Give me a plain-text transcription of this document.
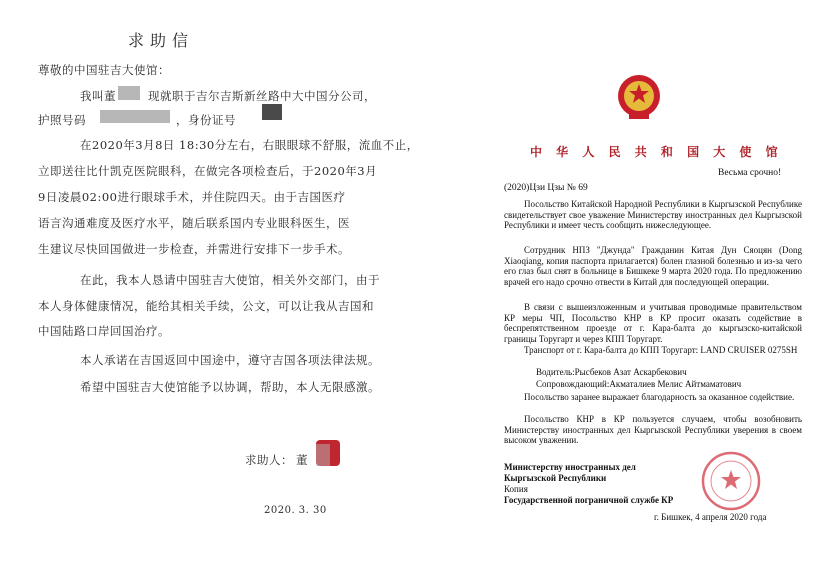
求助信
尊敬的中国驻吉大使馆：
我叫董	现就职于吉尔吉斯新丝路中大中国分公司，
护照号码	，身份证号
在2020年3月8日 18:30分左右，右眼眼球不舒服，流血不止，
立即送往比什凯克医院眼科，在做完各项检查后，于2020年3月
9日凌晨02:00进行眼球手术，并住院四天。由于吉国医疗
语言沟通难度及医疗水平，随后联系国内专业眼科医生，医
生建议尽快回国做进一步检查，并需进行安排下一步手术。
在此，我本人恳请中国驻吉大使馆，相关外交部门，由于
本人身体健康情况，能给其相关手续，公文，可以让我从吉国和
中国陆路口岸回国治疗。
本人承诺在吉国返回中国途中，遵守吉国各项法律法规。
希望中国驻吉大使馆能予以协调，帮助，本人无限感激。
求助人： 董
2020. 3. 30
中 华 人 民 共 和 国 大 使 馆
Весьма срочно!
(2020)Цзи Цзы № 69

Посольство Китайской Народной Республики в Кыргызской Республике свидетельствует свое уважение Министерству иностранных дел Кыргызской Республики и имеет честь сообщить нижеследующее.

Сотрудник НПЗ "Джунда" Гражданин Китая Дун Сяоцян (Dong Xiaoqiang, копия паспорта прилагается) болен глазной болезнью и из-за чего его глаз был снят в больнице в Бишкеке 9 марта 2020 года. По предложению врачей его надо срочно отвести в Китай для последующей операции.

В связи с вышеизложенным и учитывая проводимые правительством КР меры ЧП, Посольство КНР в КР просит оказать содействие в беспрепятственном проезде от г. Кара-балта до кыргызско-китайской границы Торугарт и через КПП Торугарт.

Транспорт от г. Кара-балта до КПП Торугарт: LAND CRUISER 0275SH

Водитель:Рысбеков Азат Аскарбекович
Сопровождающий:Акматалиев Мелис Айтмаматович

Посольство заранее выражает благодарность за оказанное содействие.

Посольство КНР в КР пользуется случаем, чтобы возобновить Министерству иностранных дел Кыргызской Республики уверения в своем высоком уважении.

Министерству иностранных дел
Кыргызской Республики
Копия
Государственной пограничной службе КР
г. Бишкек, 4 апреля 2020 года
